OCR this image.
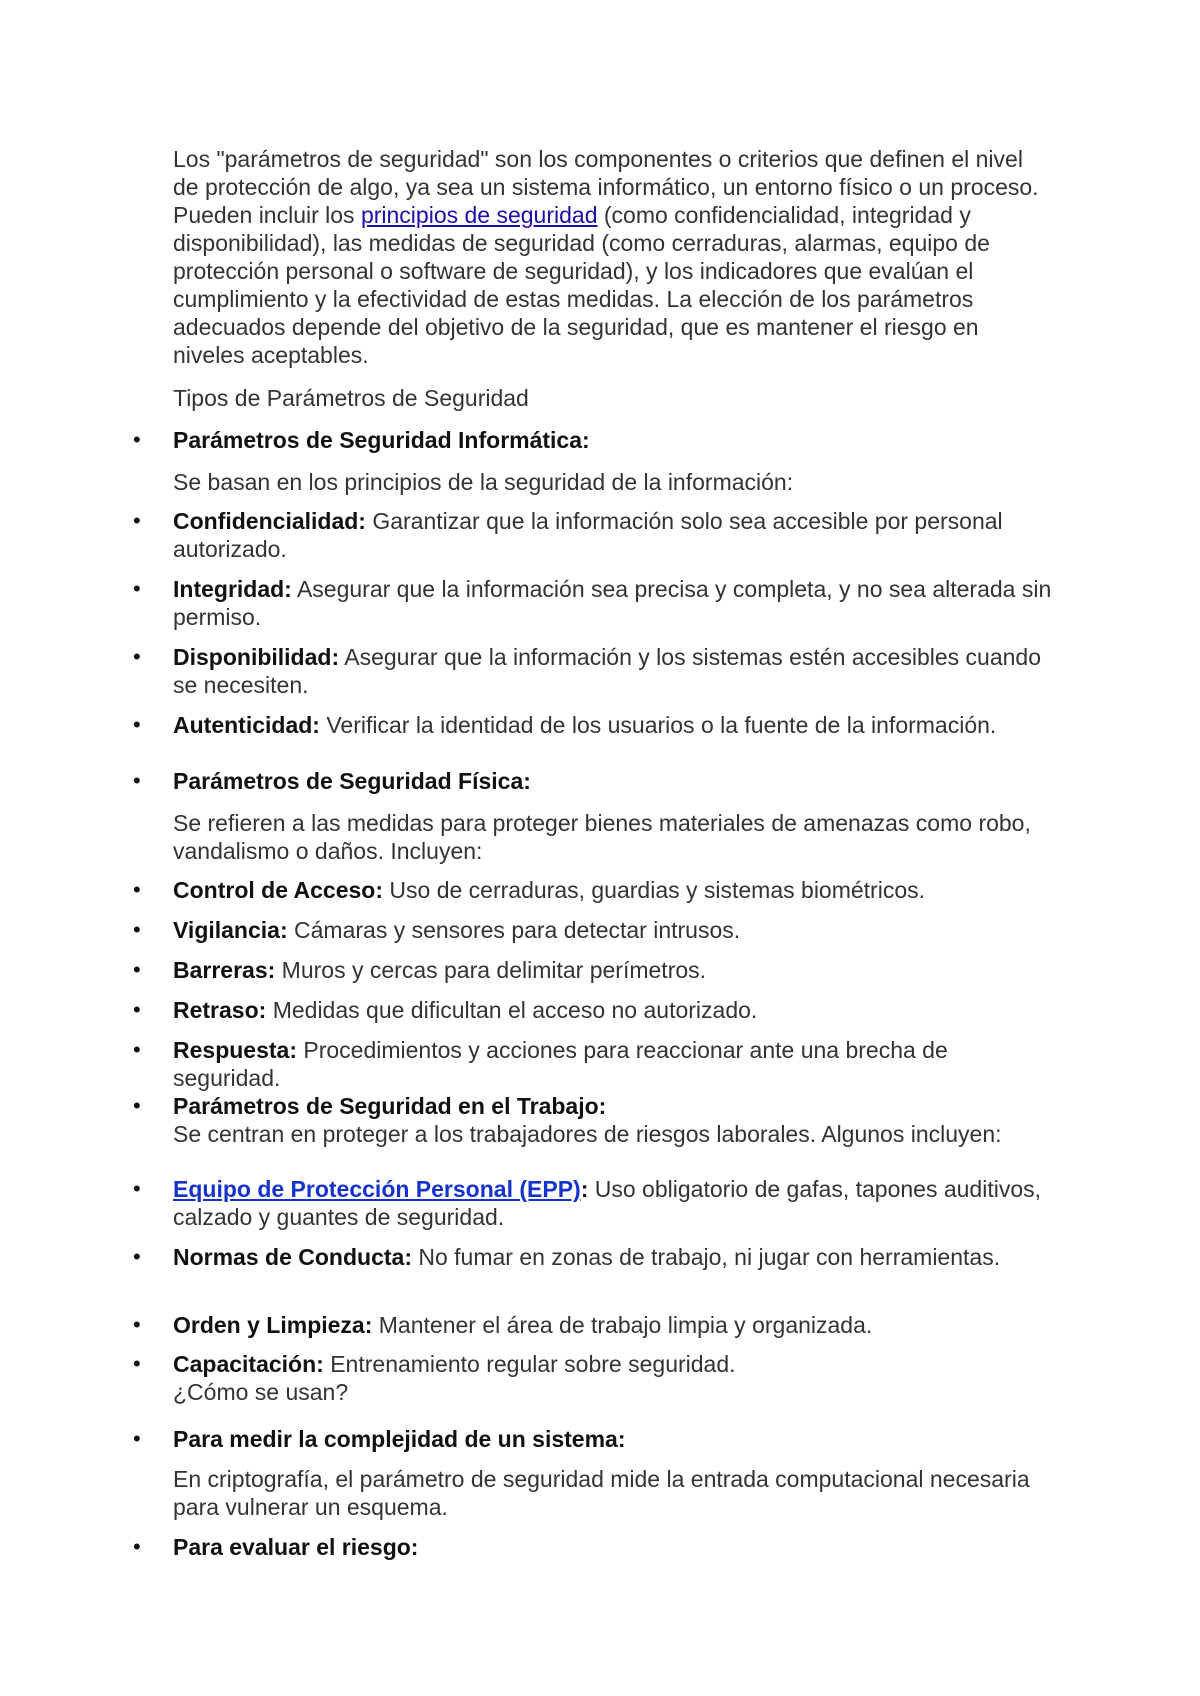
Los "parámetros de seguridad" son los componentes o criterios que definen el nivel de protección de algo, ya sea un sistema informático, un entorno físico o un proceso. Pueden incluir los principios de seguridad (como confidencialidad, integridad y disponibilidad), las medidas de seguridad (como cerraduras, alarmas, equipo de protección personal o software de seguridad), y los indicadores que evalúan el cumplimiento y la efectividad de estas medidas. La elección de los parámetros adecuados depende del objetivo de la seguridad, que es mantener el riesgo en niveles aceptables.
Tipos de Parámetros de Seguridad
•	Parámetros de Seguridad Informática:
Se basan en los principios de la seguridad de la información:
•	Confidencialidad: Garantizar que la información solo sea accesible por personal autorizado.
•	Integridad: Asegurar que la información sea precisa y completa, y no sea alterada sin permiso.
•	Disponibilidad: Asegurar que la información y los sistemas estén accesibles cuando se necesiten.
•	Autenticidad: Verificar la identidad de los usuarios o la fuente de la información.
•	Parámetros de Seguridad Física:
Se refieren a las medidas para proteger bienes materiales de amenazas como robo, vandalismo o daños. Incluyen:
•	Control de Acceso: Uso de cerraduras, guardias y sistemas biométricos.
•	Vigilancia: Cámaras y sensores para detectar intrusos.
•	Barreras: Muros y cercas para delimitar perímetros.
•	Retraso: Medidas que dificultan el acceso no autorizado.
•	Respuesta: Procedimientos y acciones para reaccionar ante una brecha de seguridad.
•	Parámetros de Seguridad en el Trabajo:
Se centran en proteger a los trabajadores de riesgos laborales. Algunos incluyen:
•	Equipo de Protección Personal (EPP): Uso obligatorio de gafas, tapones auditivos, calzado y guantes de seguridad.
•	Normas de Conducta: No fumar en zonas de trabajo, ni jugar con herramientas.
•	Orden y Limpieza: Mantener el área de trabajo limpia y organizada.
•	Capacitación: Entrenamiento regular sobre seguridad.
¿Cómo se usan?
•	Para medir la complejidad de un sistema:
En criptografía, el parámetro de seguridad mide la entrada computacional necesaria para vulnerar un esquema.
•	Para evaluar el riesgo:
